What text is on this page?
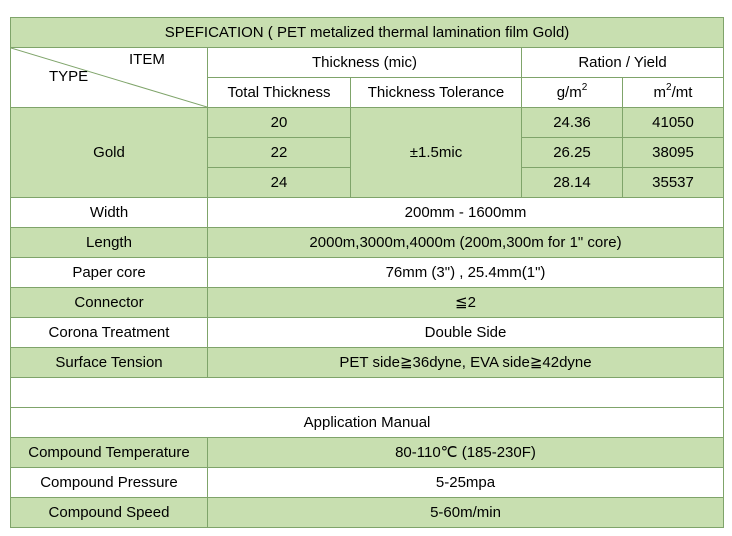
SPEFICATION ( PET metalized thermal lamination film Gold)				

ITEM
TYPE	Thickness (mic)		Ration / Yield	
	Total Thickness	Thickness Tolerance	$g/m^2$	$m^2/mt$
Gold	20	±1.5mic	24.36	41050
	22		26.25	38095
	24		28.14	35537
Width	200mm - 1600mm			
Length	2000m,3000m,4000m (200m,300m for 1" core)			
Paper core	76mm (3") , 25.4mm(1")			
Connector	≦2			
Corona Treatment	Double Side			
Surface Tension	PET side≧36dyne, EVA side≧42dyne			

Application Manual				
Compound Temperature	80-110℃ (185-230F)			
Compound Pressure	5-25mpa			
Compound Speed	5-60m/min			
